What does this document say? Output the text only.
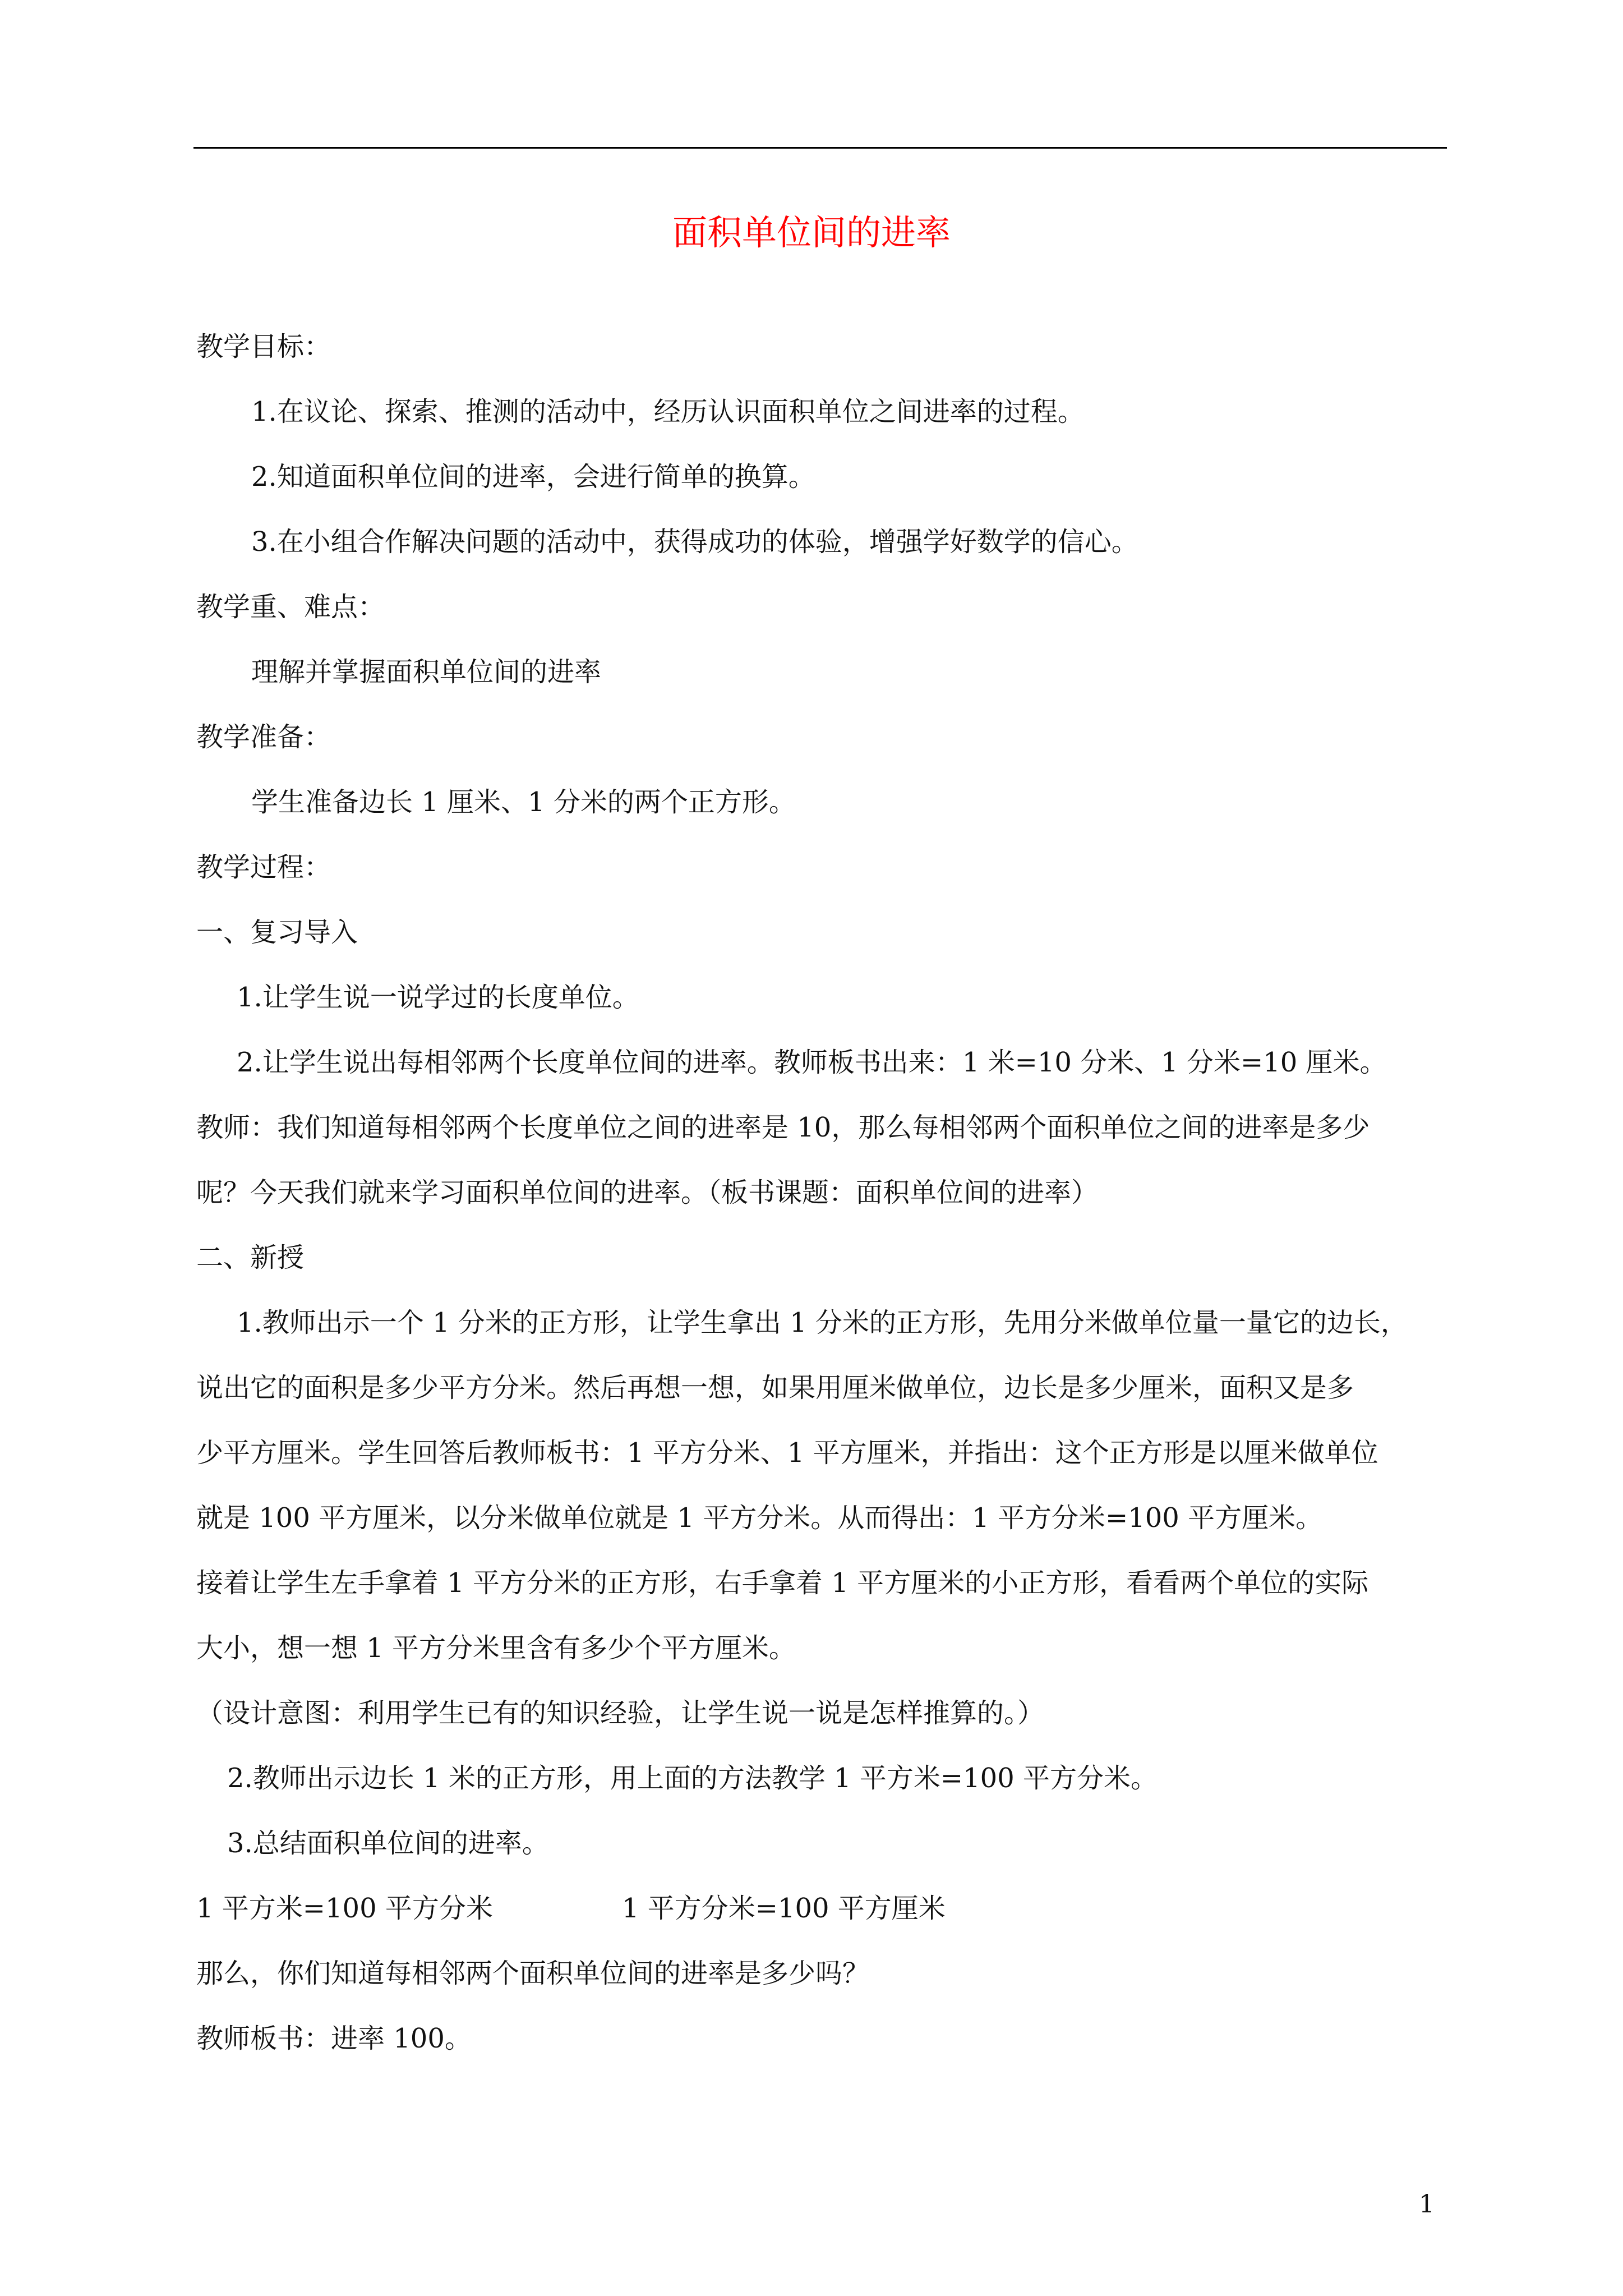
面积单位间的进率
教学目标：
1.在议论、探索、推测的活动中，经历认识面积单位之间进率的过程。
2.知道面积单位间的进率，会进行简单的换算。
3.在小组合作解决问题的活动中，获得成功的体验，增强学好数学的信心。
教学重、难点：
理解并掌握面积单位间的进率
教学准备：
学生准备边长 1 厘米、1 分米的两个正方形。
教学过程：
一、复习导入
1.让学生说一说学过的长度单位。
2.让学生说出每相邻两个长度单位间的进率。教师板书出来：1 米=10 分米、1 分米=10 厘米。
教师：我们知道每相邻两个长度单位之间的进率是 10，那么每相邻两个面积单位之间的进率是多少
呢？今天我们就来学习面积单位间的进率。（板书课题：面积单位间的进率）
二、新授
1.教师出示一个 1 分米的正方形，让学生拿出 1 分米的正方形，先用分米做单位量一量它的边长，
说出它的面积是多少平方分米。然后再想一想，如果用厘米做单位，边长是多少厘米，面积又是多
少平方厘米。学生回答后教师板书：1 平方分米、1 平方厘米，并指出：这个正方形是以厘米做单位
就是 100 平方厘米，以分米做单位就是 1 平方分米。从而得出：1 平方分米=100 平方厘米。
接着让学生左手拿着 1 平方分米的正方形，右手拿着 1 平方厘米的小正方形，看看两个单位的实际
大小，想一想 1 平方分米里含有多少个平方厘米。
（设计意图：利用学生已有的知识经验，让学生说一说是怎样推算的。）
2.教师出示边长 1 米的正方形，用上面的方法教学 1 平方米=100 平方分米。
3.总结面积单位间的进率。
1 平方米=100 平方分米	1 平方分米=100 平方厘米
那么，你们知道每相邻两个面积单位间的进率是多少吗？
教师板书：进率 100。
1
